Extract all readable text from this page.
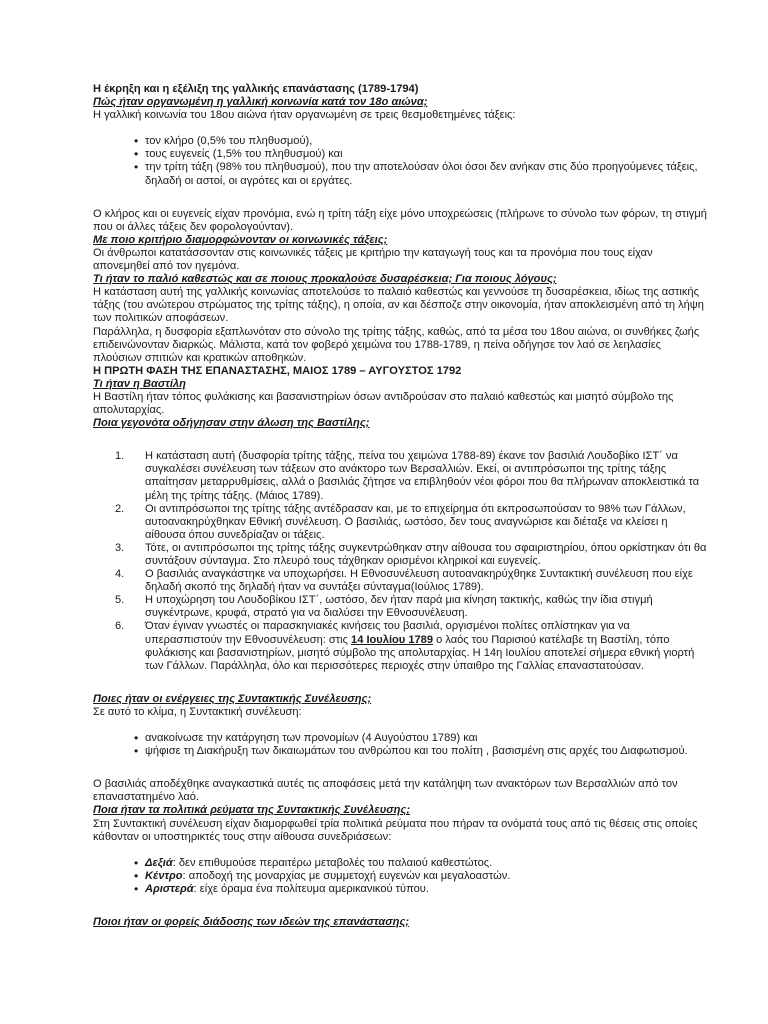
Η έκρηξη και η εξέλιξη της γαλλικής επανάστασης (1789-1794)

Πώς ήταν οργανωμένη η γαλλική κοινωνία κατά τον 18ο αιώνα;

Η γαλλική κοινωνία του 18ου αιώνα ήταν οργανωμένη σε τρεις θεσμοθετημένες τάξεις:

• τον κλήρο (0,5% του πληθυσμού),
• τους ευγενείς (1,5% του πληθυσμού) και
• την τρίτη τάξη (98% του πληθυσμού), που την αποτελούσαν όλοι όσοι δεν ανήκαν στις δύο προηγούμενες τάξεις, δηλαδή οι αστοί, οι αγρότες και οι εργάτες.

Ο κλήρος και οι ευγενείς είχαν προνόμια, ενώ η τρίτη τάξη είχε μόνο υποχρεώσεις (πλήρωνε το σύνολο των φόρων, τη στιγμή που οι άλλες τάξεις δεν φορολογούνταν).

Με ποιο κριτήριο διαμορφώνονταν οι κοινωνικές τάξεις;

Οι άνθρωποι κατατάσσονταν στις κοινωνικές τάξεις με κριτήριο την καταγωγή τους και τα προνόμια που τους είχαν απονεμηθεί από τον ηγεμόνα.

Τι ήταν το παλιό καθεστώς και σε ποιους προκαλούσε δυσαρέσκεια; Για ποιους λόγους;

Η κατάσταση αυτή της γαλλικής κοινωνίας αποτελούσε το παλαιό καθεστώς και γεννούσε τη δυσαρέσκεια, ιδίως της αστικής τάξης (του ανώτερου στρώματος της τρίτης τάξης), η οποία, αν και δέσποζε στην οικονομία, ήταν αποκλεισμένη από τη λήψη των πολιτικών αποφάσεων.

Παράλληλα, η δυσφορία εξαπλωνόταν στο σύνολο της τρίτης τάξης, καθώς, από τα μέσα του 18ου αιώνα, οι συνθήκες ζωής επιδεινώνονταν διαρκώς. Μάλιστα, κατά τον φοβερό χειμώνα του 1788-1789, η πείνα οδήγησε τον λαό σε λεηλασίες πλούσιων σπιτιών και κρατικών αποθηκών.

Η ΠΡΩΤΗ ΦΑΣΗ ΤΗΣ ΕΠΑΝΑΣΤΑΣΗΣ, ΜΑΙΟΣ 1789 – ΑΥΓΟΥΣΤΟΣ 1792

Τι ήταν η Βαστίλη

Η Βαστίλη ήταν τόπος φυλάκισης και βασανιστηρίων όσων αντιδρούσαν στο παλαιό καθεστώς και μισητό σύμβολο της απολυταρχίας.

Ποια γεγονότα οδήγησαν στην άλωση της Βαστίλης;

1. Η κατάσταση αυτή (δυσφορία τρίτης τάξης, πείνα του χειμώνα 1788-89) έκανε τον βασιλιά Λουδοβίκο ΙΣΤ΄ να συγκαλέσει συνέλευση των τάξεων στο ανάκτορο των Βερσαλλιών. Εκεί, οι αντιπρόσωποι της τρίτης τάξης απαίτησαν μεταρρυθμίσεις, αλλά ο βασιλιάς ζήτησε να επιβληθούν νέοι φόροι που θα πλήρωναν αποκλειστικά τα μέλη της τρίτης τάξης. (Μάιος 1789).
2. Οι αντιπρόσωποι της τρίτης τάξης αντέδρασαν και, με το επιχείρημα ότι εκπροσωπούσαν το 98% των Γάλλων, αυτοανακηρύχθηκαν Εθνική συνέλευση. Ο βασιλιάς, ωστόσο, δεν τους αναγνώρισε και διέταξε να κλείσει η αίθουσα όπου συνεδρίαζαν οι τάξεις.
3. Τότε, οι αντιπρόσωποι της τρίτης τάξης συγκεντρώθηκαν στην αίθουσα του σφαιριστηρίου, όπου ορκίστηκαν ότι θα συντάξουν σύνταγμα. Στο πλευρό τους τάχθηκαν ορισμένοι κληρικοί και ευγενείς.
4. Ο βασιλιάς αναγκάστηκε να υποχωρήσει. Η Εθνοσυνέλευση αυτοανακηρύχθηκε Συντακτική συνέλευση που είχε δηλαδή σκοπό της δηλαδή ήταν να συντάξει σύνταγμα(Ιούλιος 1789).
5. Η υποχώρηση του Λουδοβίκου ΙΣΤ΄, ωστόσο, δεν ήταν παρά μια κίνηση τακτικής, καθώς την ίδια στιγμή συγκέντρωνε, κρυφά, στρατό για να διαλύσει την Εθνοσυνέλευση.
6. Όταν έγιναν γνωστές οι παρασκηνιακές κινήσεις του βασιλιά, οργισμένοι πολίτες οπλίστηκαν για να υπερασπιστούν την Εθνοσυνέλευση: στις 14 Ιουλίου 1789 ο λαός του Παρισιού κατέλαβε τη Βαστίλη, τόπο φυλάκισης και βασανιστηρίων, μισητό σύμβολο της απολυταρχίας. Η 14η Ιουλίου αποτελεί σήμερα εθνική γιορτή των Γάλλων. Παράλληλα, όλο και περισσότερες περιοχές στην ύπαιθρο της Γαλλίας επαναστατούσαν.

Ποιες ήταν οι ενέργειες της Συντακτικής Συνέλευσης;

Σε αυτό το κλίμα, η Συντακτική συνέλευση:

• ανακοίνωσε την κατάργηση των προνομίων (4 Αυγούστου 1789) και
• ψήφισε τη Διακήρυξη των δικαιωμάτων του ανθρώπου και του πολίτη , βασισμένη στις αρχές του Διαφωτισμού.

Ο βασιλιάς αποδέχθηκε αναγκαστικά αυτές τις αποφάσεις μετά την κατάληψη των ανακτόρων των Βερσαλλιών από τον επαναστατημένο λαό.

Ποια ήταν τα πολιτικά ρεύματα της Συντακτικής Συνέλευσης;

Στη Συντακτική συνέλευση είχαν διαμορφωθεί τρία πολιτικά ρεύματα που πήραν τα ονόματά τους από τις θέσεις στις οποίες κάθονταν οι υποστηρικτές τους στην αίθουσα συνεδριάσεων:

• Δεξιά: δεν επιθυμούσε περαιτέρω μεταβολές του παλαιού καθεστώτος.
• Κέντρο: αποδοχή της μοναρχίας με συμμετοχή ευγενών και μεγαλοαστών.
• Αριστερά: είχε όραμα ένα πολίτευμα αμερικανικού τύπου.

Ποιοι ήταν οι φορείς διάδοσης των ιδεών της επανάστασης;
